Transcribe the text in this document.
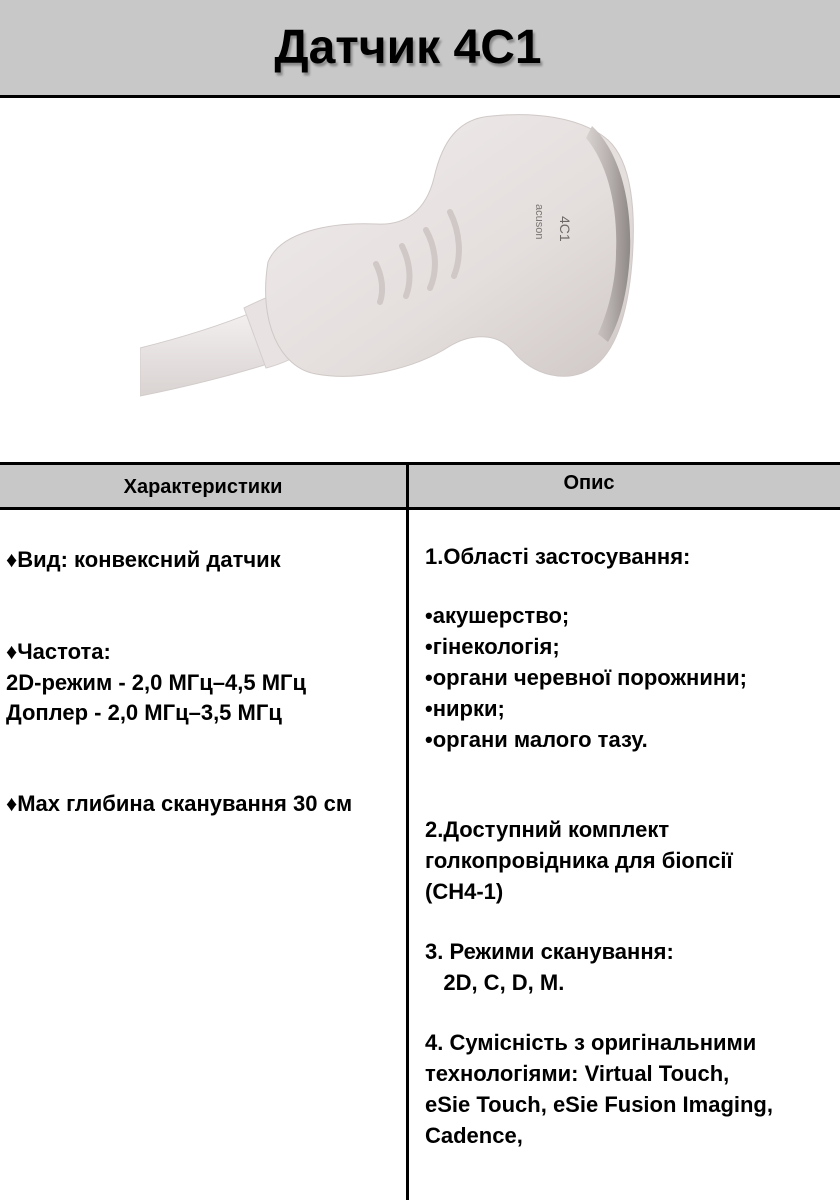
Датчик 4С1
4C1
acuson
Характеристики	Опис
♦Вид: конвексний датчик
♦Частота:
2D-режим - 2,0 МГц–4,5 МГц
Доплер - 2,0 МГц–3,5 МГц
♦Max глибина сканування 30 см
1.Області застосування:
•акушерство;
•гінекологія;
•органи черевної порожнини;
•нирки;
•органи малого тазу.
2.Доступний комплект
голкопровідника для біопсії
(CH4-1)
3. Режими сканування:
2D, C, D, M.
4. Сумісність з оригінальними
технологіями: Virtual Touch,
eSie Touch, eSie Fusion Imaging,
Cadence,
